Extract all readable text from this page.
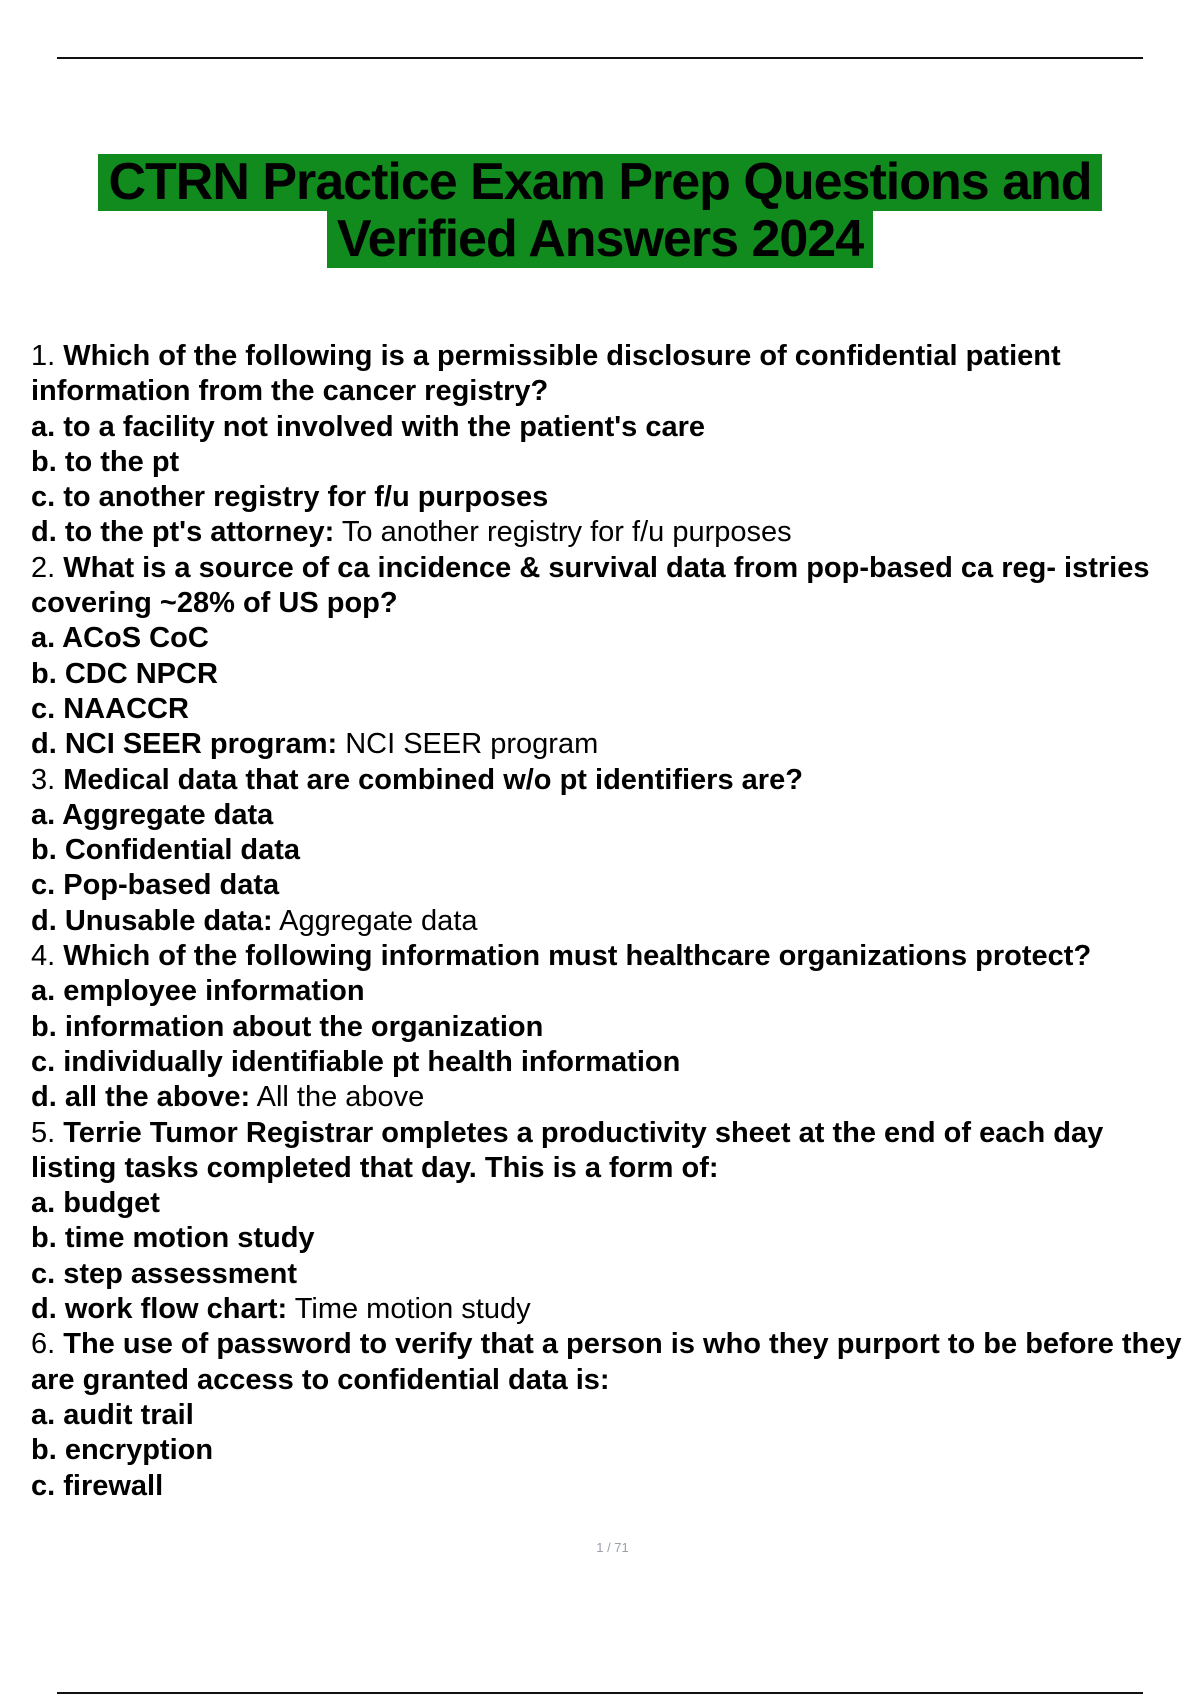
CTRN Practice Exam Prep Questions and
Verified Answers 2024

1. Which of the following is a permissible disclosure of confidential patient information from the cancer registry?

a. to a facility not involved with the patient's care

b. to the pt

c. to another registry for f/u purposes

d. to the pt's attorney: To another registry for f/u purposes

2. What is a source of ca incidence & survival data from pop-based ca reg- istries covering ~28% of US pop?

a. ACoS CoC

b. CDC NPCR

c. NAACCR

d. NCI SEER program: NCI SEER program

3. Medical data that are combined w/o pt identifiers are?

a. Aggregate data

b. Confidential data

c. Pop-based data

d. Unusable data: Aggregate data

4. Which of the following information must healthcare organizations protect?

a. employee information

b. information about the organization

c. individually identifiable pt health information

d. all the above: All the above

5. Terrie Tumor Registrar ompletes a productivity sheet at the end of each day listing tasks completed that day. This is a form of:

a. budget

b. time motion study

c. step assessment

d. work flow chart: Time motion study

6. The use of password to verify that a person is who they purport to be before they are granted access to confidential data is:

a. audit trail

b. encryption

c. firewall

1 / 71
